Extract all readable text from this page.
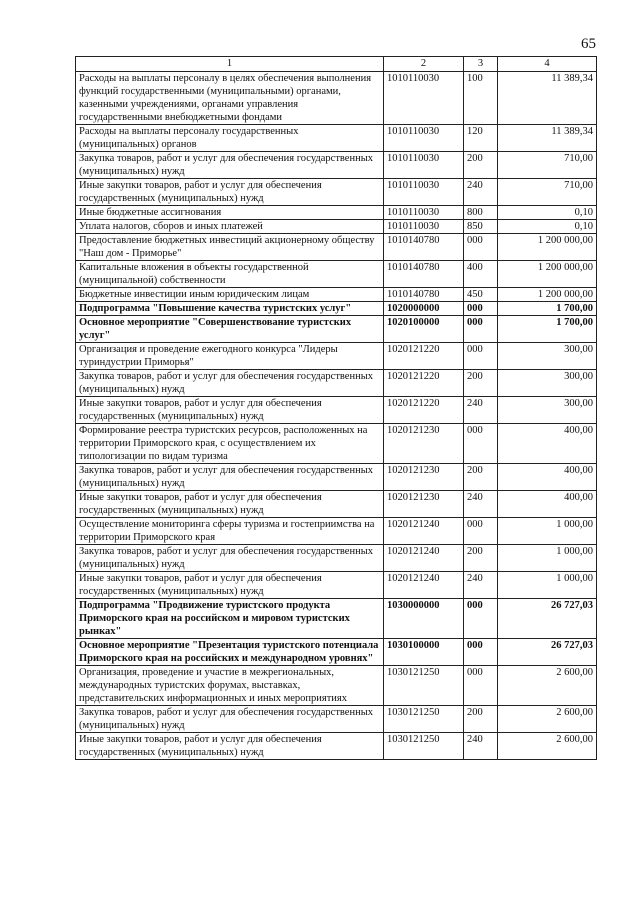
65
1	2	3	4
Расходы на выплаты персоналу в целях обеспечения выполнения функций государственными (муниципальными) органами, казенными учреждениями, органами управления государственными внебюджетными фондами	1010110030	100	11 389,34
Расходы на выплаты персоналу государственных (муниципальных) органов	1010110030	120	11 389,34
Закупка товаров, работ и услуг для обеспечения государственных (муниципальных) нужд	1010110030	200	710,00
Иные закупки товаров, работ и услуг для обеспечения государственных (муниципальных) нужд	1010110030	240	710,00
Иные бюджетные ассигнования	1010110030	800	0,10
Уплата налогов, сборов и иных платежей	1010110030	850	0,10
Предоставление бюджетных инвестиций акционерному обществу "Наш дом - Приморье"	1010140780	000	1 200 000,00
Капитальные вложения в объекты государственной (муниципальной) собственности	1010140780	400	1 200 000,00
Бюджетные инвестиции иным юридическим лицам	1010140780	450	1 200 000,00
Подпрограмма "Повышение качества туристских услуг"	1020000000	000	1 700,00
Основное мероприятие "Совершенствование туристских услуг"	1020100000	000	1 700,00
Организация и проведение ежегодного конкурса "Лидеры туриндустрии Приморья"	1020121220	000	300,00
Закупка товаров, работ и услуг для обеспечения государственных (муниципальных) нужд	1020121220	200	300,00
Иные закупки товаров, работ и услуг для обеспечения государственных (муниципальных) нужд	1020121220	240	300,00
Формирование реестра туристских ресурсов, расположенных на территории Приморского края, с осуществлением их типологизации по видам туризма	1020121230	000	400,00
Закупка товаров, работ и услуг для обеспечения государственных (муниципальных) нужд	1020121230	200	400,00
Иные закупки товаров, работ и услуг для обеспечения государственных (муниципальных) нужд	1020121230	240	400,00
Осуществление мониторинга сферы туризма и гостеприимства на территории Приморского края	1020121240	000	1 000,00
Закупка товаров, работ и услуг для обеспечения государственных (муниципальных) нужд	1020121240	200	1 000,00
Иные закупки товаров, работ и услуг для обеспечения государственных (муниципальных) нужд	1020121240	240	1 000,00
Подпрограмма "Продвижение туристского продукта Приморского края на российском и мировом туристских рынках"	1030000000	000	26 727,03
Основное мероприятие "Презентация туристского потенциала Приморского края на российских и международном уровнях"	1030100000	000	26 727,03
Организация, проведение и участие в межрегиональных, международных туристских форумах, выставках, представительских информационных и иных мероприятиях	1030121250	000	2 600,00
Закупка товаров, работ и услуг для обеспечения государственных (муниципальных) нужд	1030121250	200	2 600,00
Иные закупки товаров, работ и услуг для обеспечения государственных (муниципальных) нужд	1030121250	240	2 600,00
